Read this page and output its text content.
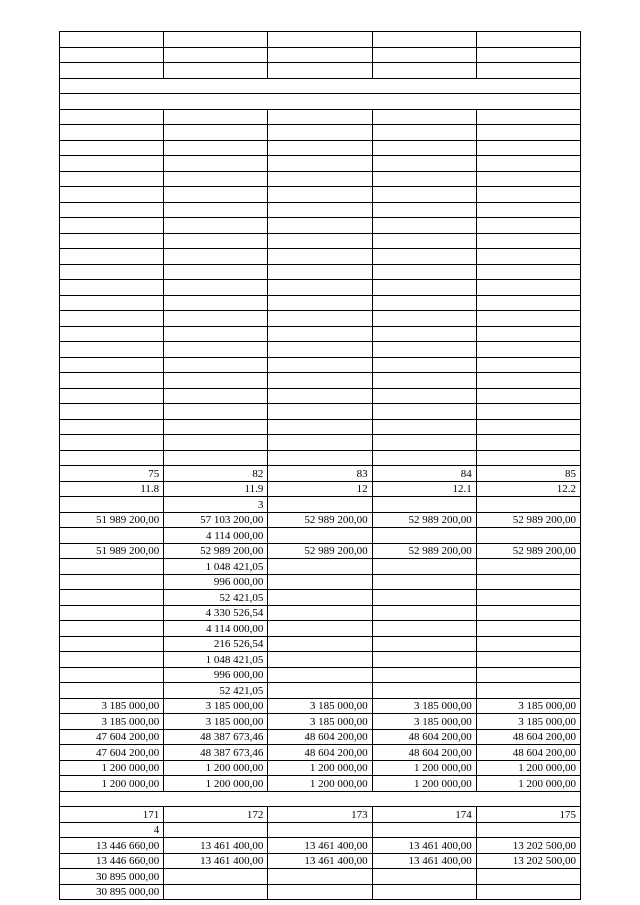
75	82	83	84	85
11.8	11.9	12	12.1	12.2
	3			
51 989 200,00	57 103 200,00	52 989 200,00	52 989 200,00	52 989 200,00
	4 114 000,00			
51 989 200,00	52 989 200,00	52 989 200,00	52 989 200,00	52 989 200,00
	1 048 421,05			
	996 000,00			
	52 421,05			
	4 330 526,54			
	4 114 000,00			
	216 526,54			
	1 048 421,05			
	996 000,00			
	52 421,05			
3 185 000,00	3 185 000,00	3 185 000,00	3 185 000,00	3 185 000,00
3 185 000,00	3 185 000,00	3 185 000,00	3 185 000,00	3 185 000,00
47 604 200,00	48 387 673,46	48 604 200,00	48 604 200,00	48 604 200,00
47 604 200,00	48 387 673,46	48 604 200,00	48 604 200,00	48 604 200,00
1 200 000,00	1 200 000,00	1 200 000,00	1 200 000,00	1 200 000,00
1 200 000,00	1 200 000,00	1 200 000,00	1 200 000,00	1 200 000,00

171	172	173	174	175
4				
13 446 660,00	13 461 400,00	13 461 400,00	13 461 400,00	13 202 500,00
13 446 660,00	13 461 400,00	13 461 400,00	13 461 400,00	13 202 500,00
30 895 000,00				
30 895 000,00				
